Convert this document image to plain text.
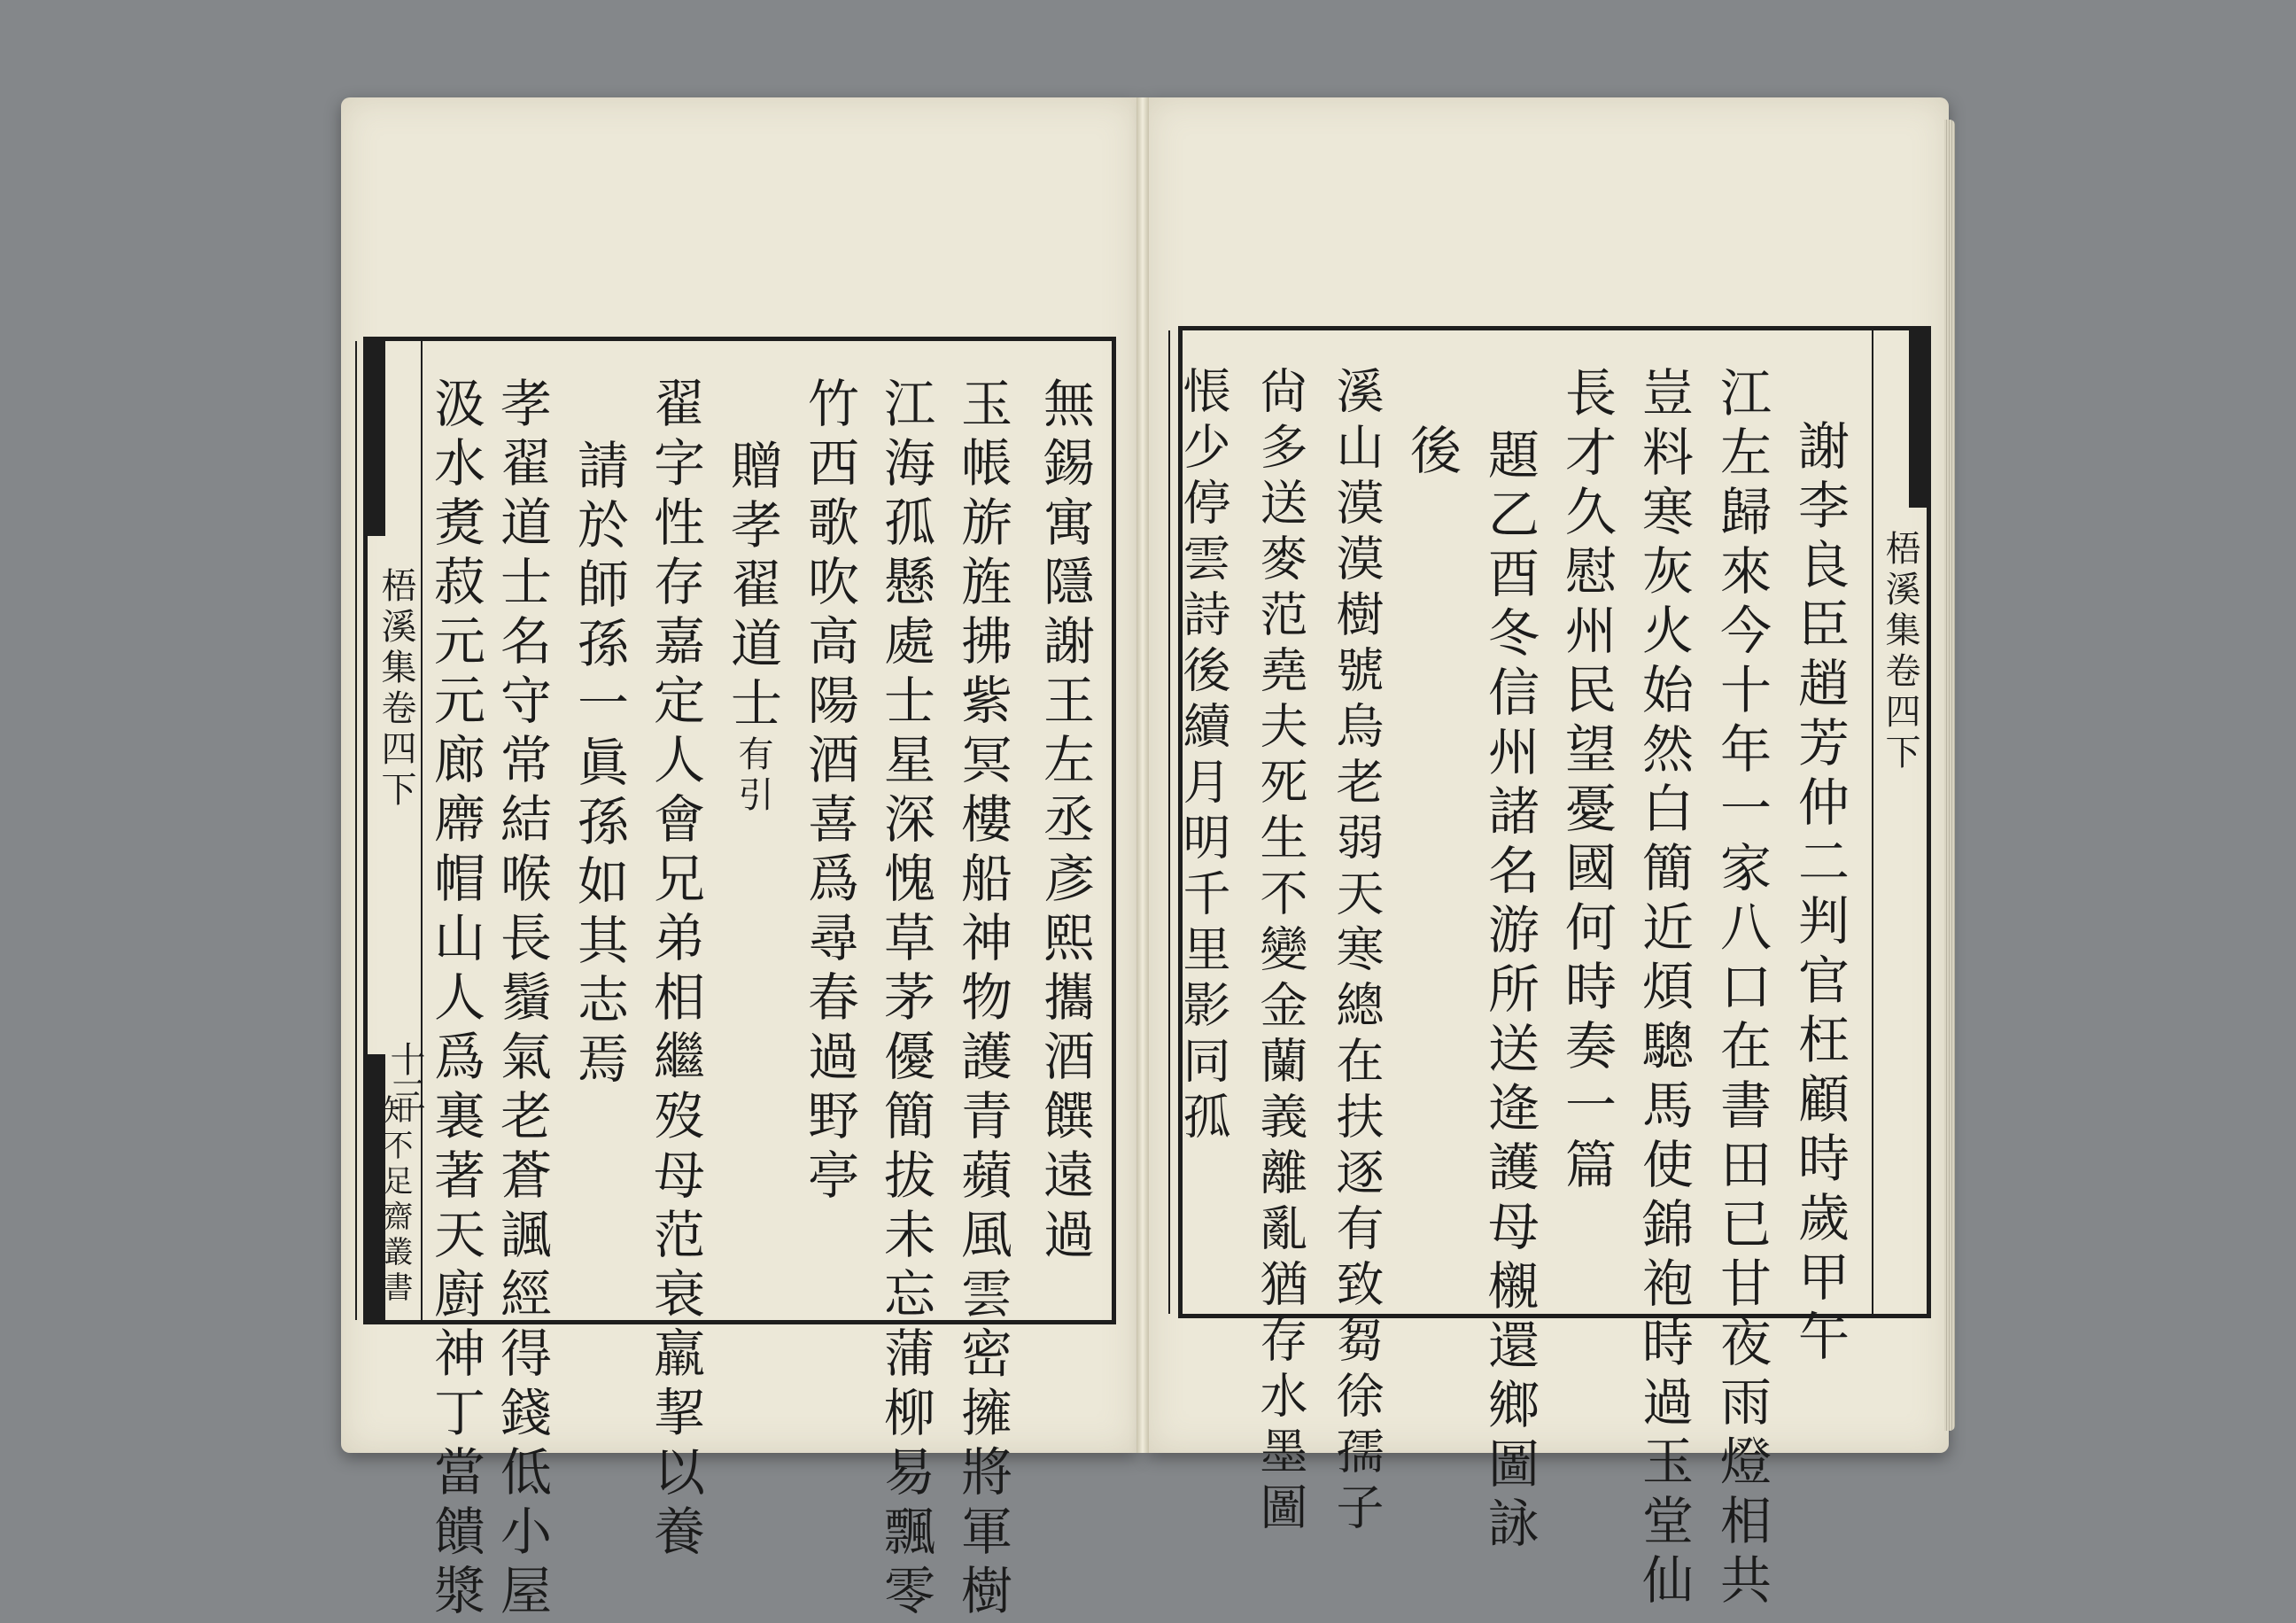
梧溪集卷四下
十三
知不足齋叢書	無錫寓隱謝王左丞彥熙攜酒饌遠過
玉帳旂旌拂紫冥樓船神物護青蘋風雲密擁將軍樹
江海孤懸處士星深愧草茅優簡拔未忘蒲柳易飄零
竹西歌吹高陽酒喜爲尋春過野亭
贈孝翟道士
有引
翟字性存嘉定人會兄弟相繼歿母范衰羸挈以養
請於師孫一眞孫如其志焉
孝翟道士名守常結喉長鬚氣老蒼諷經得錢低小屋
汲水煑菽元元廊廗帽山人爲裏著天廚神丁當饋漿	梧溪集卷四下
謝李良臣趙芳仲二判官枉顧時歲甲午
江左歸來今十年一家八口在書田已甘夜雨燈相共
豈料寒灰火始然白簡近煩驄馬使錦袍時過玉堂仙
長才久慰州民望憂國何時奏一篇
題乙酉冬信州諸名游所送逄護母櫬還鄉圖詠
後
溪山漠漠樹號烏老弱天寒總在扶逐有致芻徐孺子
尙多送麥范堯夫死生不變金蘭義離亂猶存水墨圖
悵少停雲詩後續月明千里影同孤
